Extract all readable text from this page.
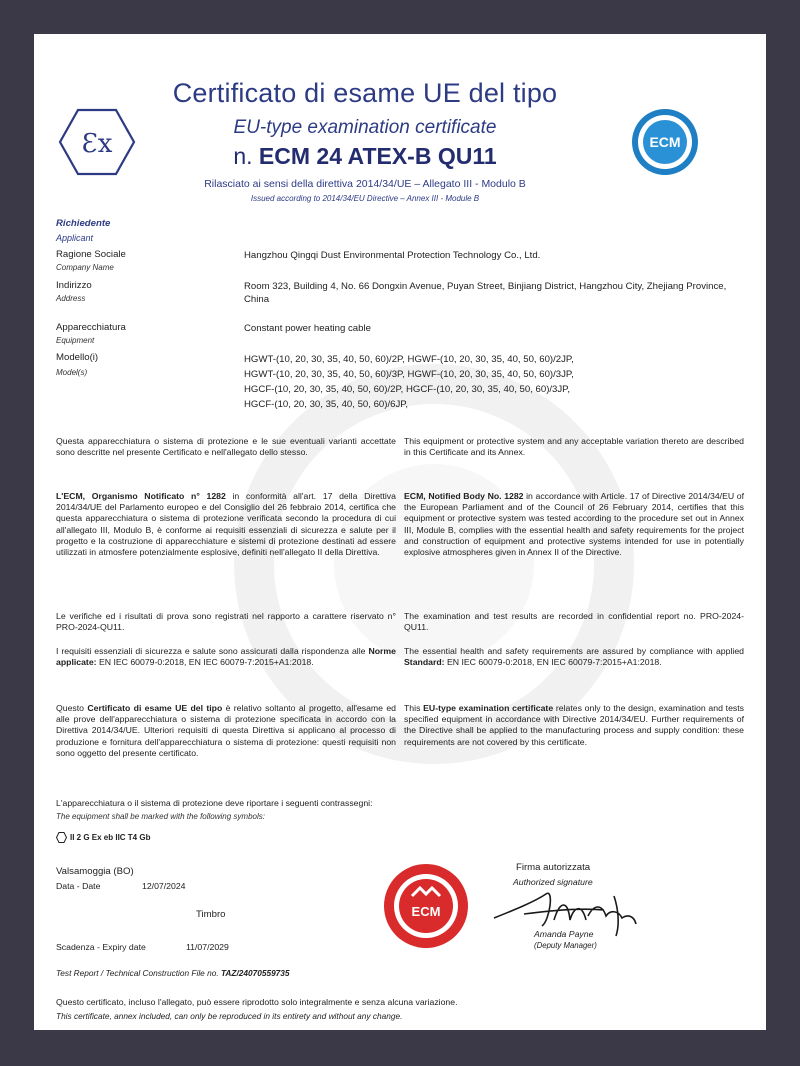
Ɛx
Certificato di esame UE del tipo
EU-type examination certificate
n. ECM 24 ATEX-B QU11
Rilasciato ai sensi della direttiva 2014/34/UE – Allegato III - Modulo B
Issued according to 2014/34/EU Directive – Annex III - Module B
ECM
Richiedente
Applicant
Ragione Sociale
Company Name
Hangzhou Qingqi Dust Environmental Protection Technology Co., Ltd.
Indirizzo
Address
Room 323, Building 4, No. 66 Dongxin Avenue, Puyan Street, Binjiang District, Hangzhou City, Zhejiang Province, China
Apparecchiatura
Equipment
Constant power heating cable
Modello(i)
Model(s)
HGWT-(10, 20, 30, 35, 40, 50, 60)/2P, HGWF-(10, 20, 30, 35, 40, 50, 60)/2JP,
HGWT-(10, 20, 30, 35, 40, 50, 60)/3P, HGWF-(10, 20, 30, 35, 40, 50, 60)/3JP,
HGCF-(10, 20, 30, 35, 40, 50, 60)/2P, HGCF-(10, 20, 30, 35, 40, 50, 60)/3JP,
HGCF-(10, 20, 30, 35, 40, 50, 60)/6JP,
Questa apparecchiatura o sistema di protezione e le sue eventuali varianti accettate sono descritte nel presente Certificato e nell'allegato dello stesso.
This equipment or protective system and any acceptable variation thereto are described in this Certificate and its Annex.
L'ECM, Organismo Notificato n° 1282 in conformità all'art. 17 della Direttiva 2014/34/UE del Parlamento europeo e del Consiglio del 26 febbraio 2014, certifica che questa apparecchiatura o sistema di protezione verificata secondo la procedura di cui all'allegato III, Modulo B, è conforme ai requisiti essenziali di sicurezza e salute per il progetto e la costruzione di apparecchiature e sistemi di protezione destinati ad essere utilizzati in atmosfere potenzialmente esplosive, definiti nell'allegato II della Direttiva.
ECM, Notified Body No. 1282 in accordance with Article. 17 of Directive 2014/34/EU of the European Parliament and of the Council of 26 February 2014, certifies that this equipment or protective system was tested according to the procedure set out in Annex III, Module B, complies with the essential health and safety requirements for the project and construction of equipment and protective systems intended for use in potentially explosive atmospheres given in Annex II of the Directive.
Le verifiche ed i risultati di prova sono registrati nel rapporto a carattere riservato n° PRO-2024-QU11.
The examination and test results are recorded in confidential report no. PRO-2024-QU11.
I requisiti essenziali di sicurezza e salute sono assicurati dalla rispondenza alle Norme applicate: EN IEC 60079-0:2018, EN IEC 60079-7:2015+A1:2018.
The essential health and safety requirements are assured by compliance with applied Standard: EN IEC 60079-0:2018, EN IEC 60079-7:2015+A1:2018.
Questo Certificato di esame UE del tipo è relativo soltanto al progetto, all'esame ed alle prove dell'apparecchiatura o sistema di protezione specificata in accordo con la Direttiva 2014/34/UE. Ulteriori requisiti di questa Direttiva si applicano al processo di produzione e fornitura dell'apparecchiatura o sistema di protezione: questi requisiti non sono oggetto del presente certificato.
This EU-type examination certificate relates only to the design, examination and tests specified equipment in accordance with Directive 2014/34/EU. Further requirements of the Directive shall be applied to the manufacturing process and supply condition: these requirements are not covered by this certificate.
L'apparecchiatura o il sistema di protezione deve riportare i seguenti contrassegni:
The equipment shall be marked with the following symbols:
II 2 G Ex eb IIC T4 Gb
Valsamoggia (BO)
Data - Date	12/07/2024
Timbro
Scadenza - Expiry date	11/07/2029
ECM
Firma autorizzata
Authorized signature
Amanda Payne
(Deputy Manager)
Test Report / Technical Construction File no. TAZ/24070559735
Questo certificato, incluso l'allegato, può essere riprodotto solo integralmente e senza alcuna variazione.
This certificate, annex included, can only be reproduced in its entirety and without any change.
